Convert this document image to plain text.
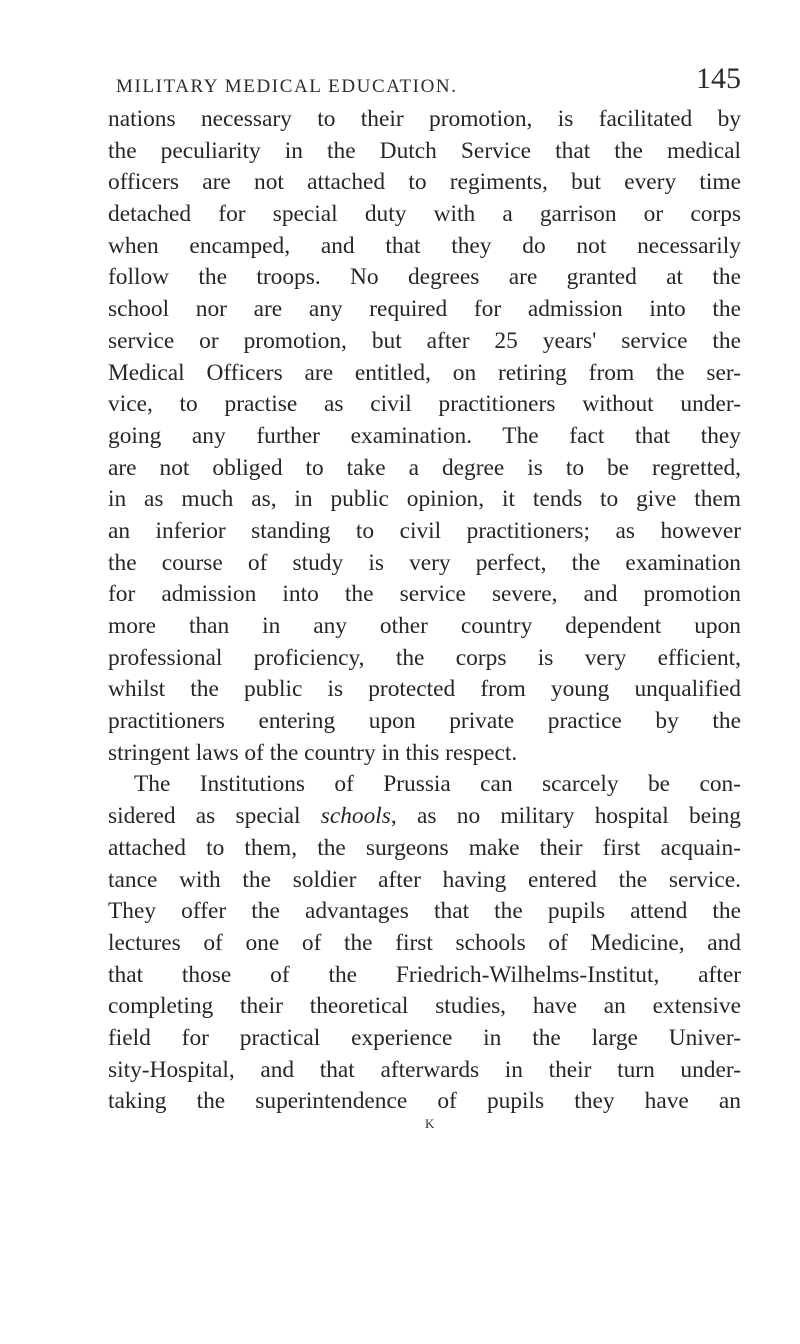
MILITARY MEDICAL EDUCATION.	145
nations necessary to their promotion, is facilitated by
the peculiarity in the Dutch Service that the medical
officers are not attached to regiments, but every time
detached for special duty with a garrison or corps
when encamped, and that they do not necessarily
follow the troops. No degrees are granted at the
school nor are any required for admission into the
service or promotion, but after 25 years' service the
Medical Officers are entitled, on retiring from the ser-
vice, to practise as civil practitioners without under-
going any further examination. The fact that they
are not obliged to take a degree is to be regretted,
in as much as, in public opinion, it tends to give them
an inferior standing to civil practitioners; as however
the course of study is very perfect, the examination
for admission into the service severe, and promotion
more than in any other country dependent upon
professional proficiency, the corps is very efficient,
whilst the public is protected from young unqualified
practitioners entering upon private practice by the
stringent laws of the country in this respect.
The Institutions of Prussia can scarcely be con-
sidered as special schools, as no military hospital being
attached to them, the surgeons make their first acquain-
tance with the soldier after having entered the service.
They offer the advantages that the pupils attend the
lectures of one of the first schools of Medicine, and
that those of the Friedrich-Wilhelms-Institut, after
completing their theoretical studies, have an extensive
field for practical experience in the large Univer-
sity-Hospital, and that afterwards in their turn under-
taking the superintendence of pupils they have an
K
